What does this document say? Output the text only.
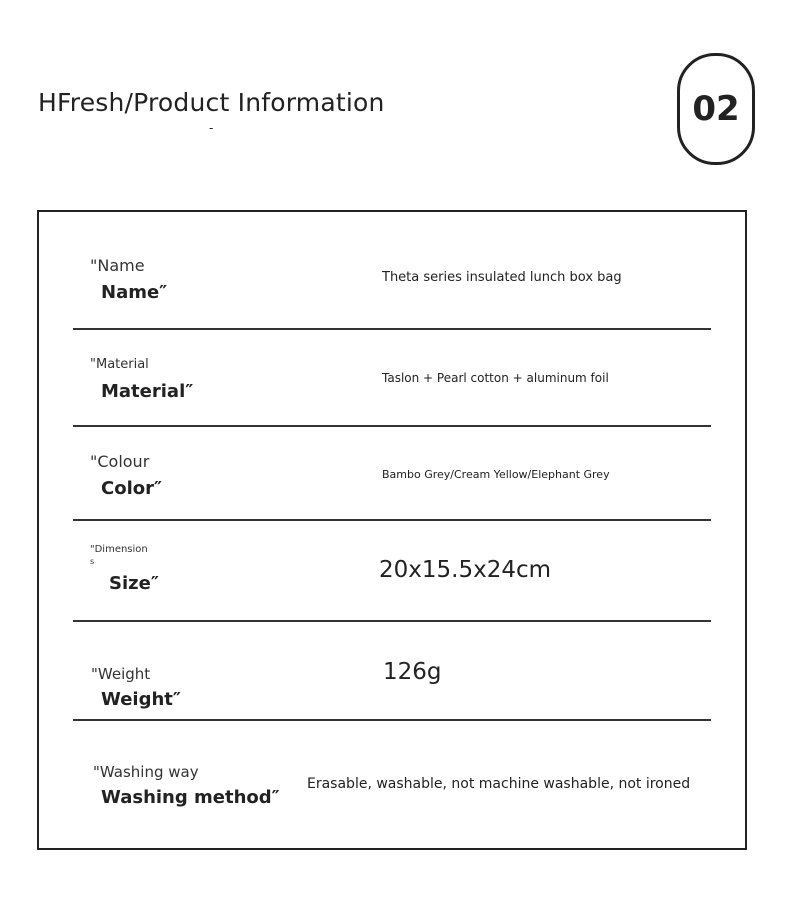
HFresh/Product Information
-	02
"Name
Name″
Theta series insulated lunch box bag
"Material
Material″
Taslon + Pearl cotton + aluminum foil
"Colour
Color″
Bambo Grey/Cream Yellow/Elephant Grey
"Dimension
s
Size″
20x15.5x24cm
"Weight
Weight″
126g
"Washing way
Washing method″
Erasable, washable, not machine washable, not ironed
